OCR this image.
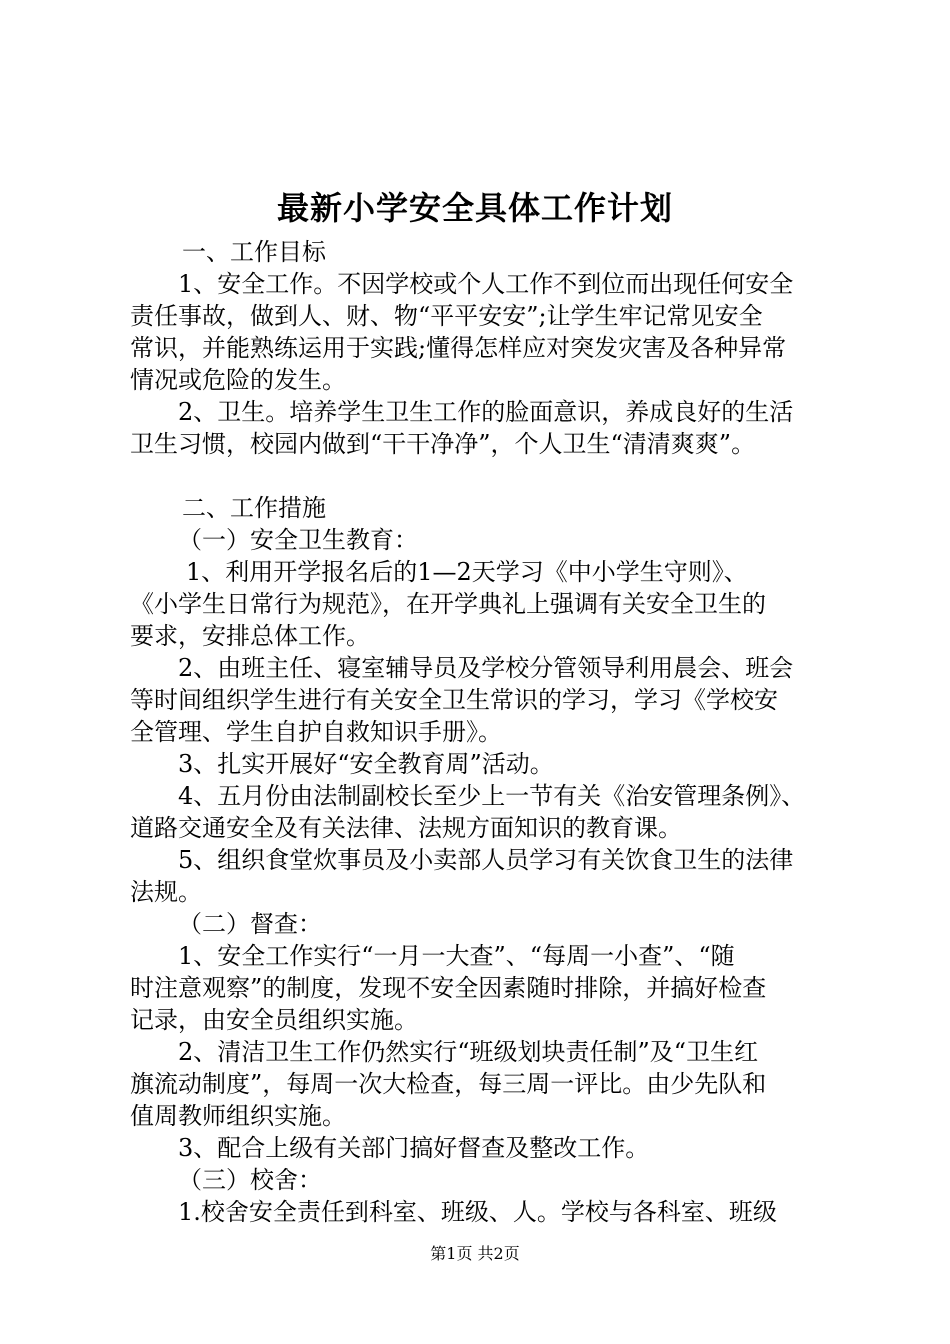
最新小学安全具体工作计划
一、工作目标
1、安全工作。不因学校或个人工作不到位而出现任何安全
责任事故，做到人、财、物“平平安安”;让学生牢记常见安全
常识，并能熟练运用于实践;懂得怎样应对突发灾害及各种异常
情况或危险的发生。
2、卫生。培养学生卫生工作的脸面意识，养成良好的生活
卫生习惯，校园内做到“干干净净”，个人卫生“清清爽爽”。
二、工作措施
（一）安全卫生教育：
1、利用开学报名后的1—2天学习《中小学生守则》、
《小学生日常行为规范》，在开学典礼上强调有关安全卫生的
要求，安排总体工作。
2、由班主任、寝室辅导员及学校分管领导利用晨会、班会
等时间组织学生进行有关安全卫生常识的学习，学习《学校安
全管理、学生自护自救知识手册》。
3、扎实开展好“安全教育周”活动。
4、五月份由法制副校长至少上一节有关《治安管理条例》、
道路交通安全及有关法律、法规方面知识的教育课。
5、组织食堂炊事员及小卖部人员学习有关饮食卫生的法律
法规。
（二）督查：
1、安全工作实行“一月一大查”、“每周一小查”、“随
时注意观察”的制度，发现不安全因素随时排除，并搞好检查
记录，由安全员组织实施。
2、清洁卫生工作仍然实行“班级划块责任制”及“卫生红
旗流动制度”，每周一次大检查，每三周一评比。由少先队和
值周教师组织实施。
3、配合上级有关部门搞好督查及整改工作。
（三）校舍：
1.校舍安全责任到科室、班级、人。学校与各科室、班级
第1页 共2页
